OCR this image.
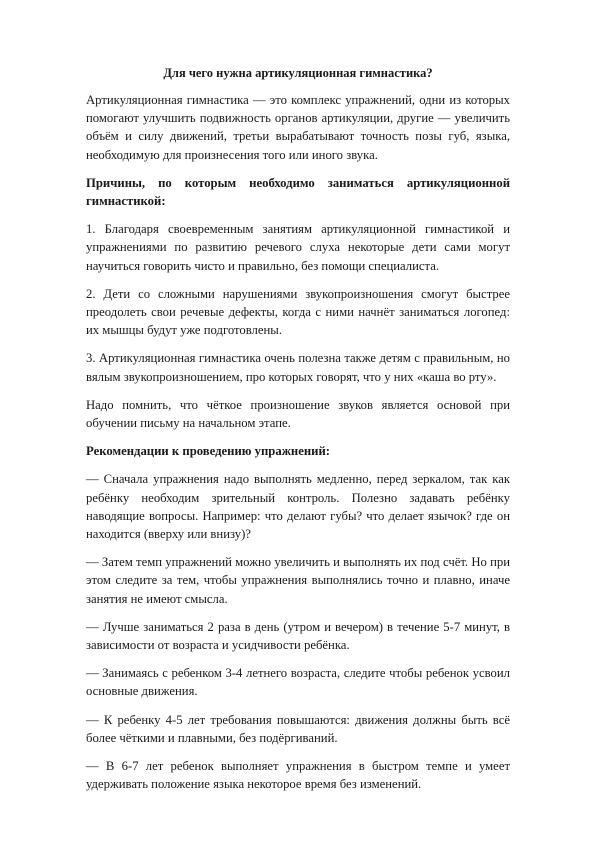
Для чего нужна артикуляционная гимнастика?

Артикуляционная гимнастика — это комплекс упражнений, одни из которых помогают улучшить подвижность органов артикуляции, другие — увеличить объём и силу движений, третьи вырабатывают точность позы губ, языка, необходимую для произнесения того или иного звука.

Причины, по которым необходимо заниматься артикуляционной гимнастикой:

1. Благодаря своевременным занятиям артикуляционной гимнастикой и упражнениями по развитию речевого слуха некоторые дети сами могут научиться говорить чисто и правильно, без помощи специалиста.

2. Дети со сложными нарушениями звукопроизношения смогут быстрее преодолеть свои речевые дефекты, когда с ними начнёт заниматься логопед: их мышцы будут уже подготовлены.

3. Артикуляционная гимнастика очень полезна также детям с правильным, но вялым звукопроизношением, про которых говорят, что у них «каша во рту».

Надо помнить, что чёткое произношение звуков является основой при обучении письму на начальном этапе.

Рекомендации к проведению упражнений:

— Сначала упражнения надо выполнять медленно, перед зеркалом, так как ребёнку необходим зрительный контроль. Полезно задавать ребёнку наводящие вопросы. Например: что делают губы? что делает язычок? где он находится (вверху или внизу)?

— Затем темп упражнений можно увеличить и выполнять их под счёт. Но при этом следите за тем, чтобы упражнения выполнялись точно и плавно, иначе занятия не имеют смысла.

— Лучше заниматься 2 раза в день (утром и вечером) в течение 5-7 минут, в зависимости от возраста и усидчивости ребёнка.

— Занимаясь с ребенком 3-4 летнего возраста, следите чтобы ребенок усвоил основные движения.

— К ребенку 4-5 лет требования повышаются: движения должны быть всё более чёткими и плавными, без подёргиваний.

— В 6-7 лет ребенок выполняет упражнения в быстром темпе и умеет удерживать положение языка некоторое время без изменений.
